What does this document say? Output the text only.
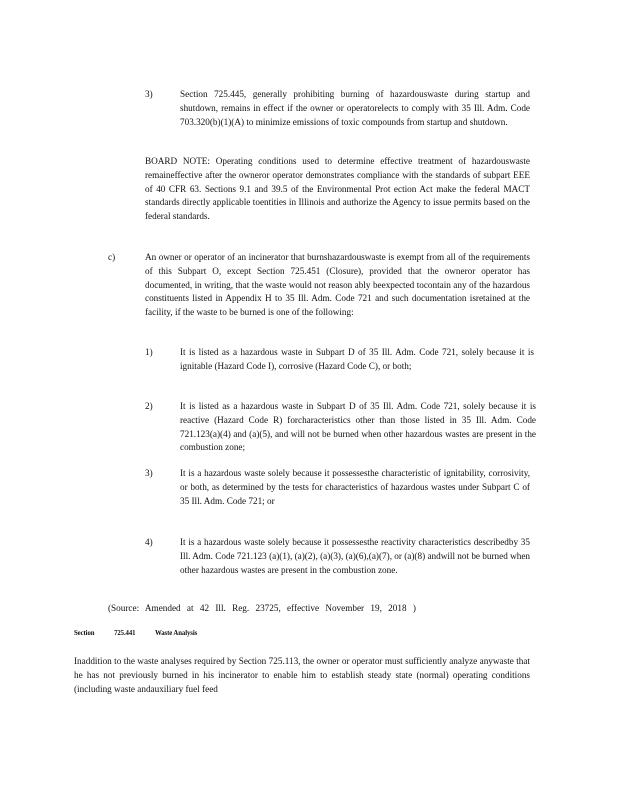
3)	Section 725.445, generally prohibiting burning of hazardouswaste during startup and shutdown, remains in effect if the owner or operatorelects to comply with 35 Ill. Adm. Code 703.320(b)(1)(A) to minimize emissions of toxic compounds from startup and shutdown.
BOARD NOTE: Operating conditions used to determine effective treatment of hazardouswaste remaineffective after the owneror operator demonstrates compliance with the standards of subpart EEE of 40 CFR 63. Sections 9.1 and 39.5 of the Environmental Prot ection Act make the federal MACT standards directly applicable toentities in Illinois and authorize the Agency to issue permits based on the federal standards.
c)	An owner or operator of an incinerator that burnshazardouswaste is exempt from all of the requirements of this Subpart O, except Section 725.451 (Closure), provided that the owneror operator has documented, in writing, that the waste would not reason ably beexpected tocontain any of the hazardous constituents listed in Appendix H to 35 Ill. Adm. Code 721 and such documentation isretained at the facility, if the waste to be burned is one of the following:
1)	It is listed as a hazardous waste in Subpart D of 35 Ill. Adm. Code 721, solely because it is ignitable (Hazard Code I), corrosive (Hazard Code C), or both;
2)	It is listed as a hazardous waste in Subpart D of 35 Ill. Adm. Code 721, solely because it is reactive (Hazard Code R) forcharacteristics other than those listed in 35 Ill. Adm. Code 721.123(a)(4) and (a)(5), and will not be burned when other hazardous wastes are present in the combustion zone;
3)	It is a hazardous waste solely because it possessesthe characteristic of ignitability, corrosivity, or both, as determined by the tests for characteristics of hazardous wastes under Subpart C of 35 Ill. Adm. Code 721; or
4)	It is a hazardous waste solely because it possessesthe reactivity characteristics describedby 35 Ill. Adm. Code 721.123 (a)(1), (a)(2), (a)(3), (a)(6),(a)(7), or (a)(8) andwill not be burned when other hazardous wastes are present in the combustion zone.
(Source: Amended at 42 Ill. Reg. 23725, effective November 19, 2018 )
Section	725.441	Waste Analysis
Inaddition to the waste analyses required by Section 725.113, the owner or operator must sufficiently analyze anywaste that he has not previously burned in his incinerator to enable him to establish steady state (normal) operating conditions (including waste andauxiliary fuel feed
